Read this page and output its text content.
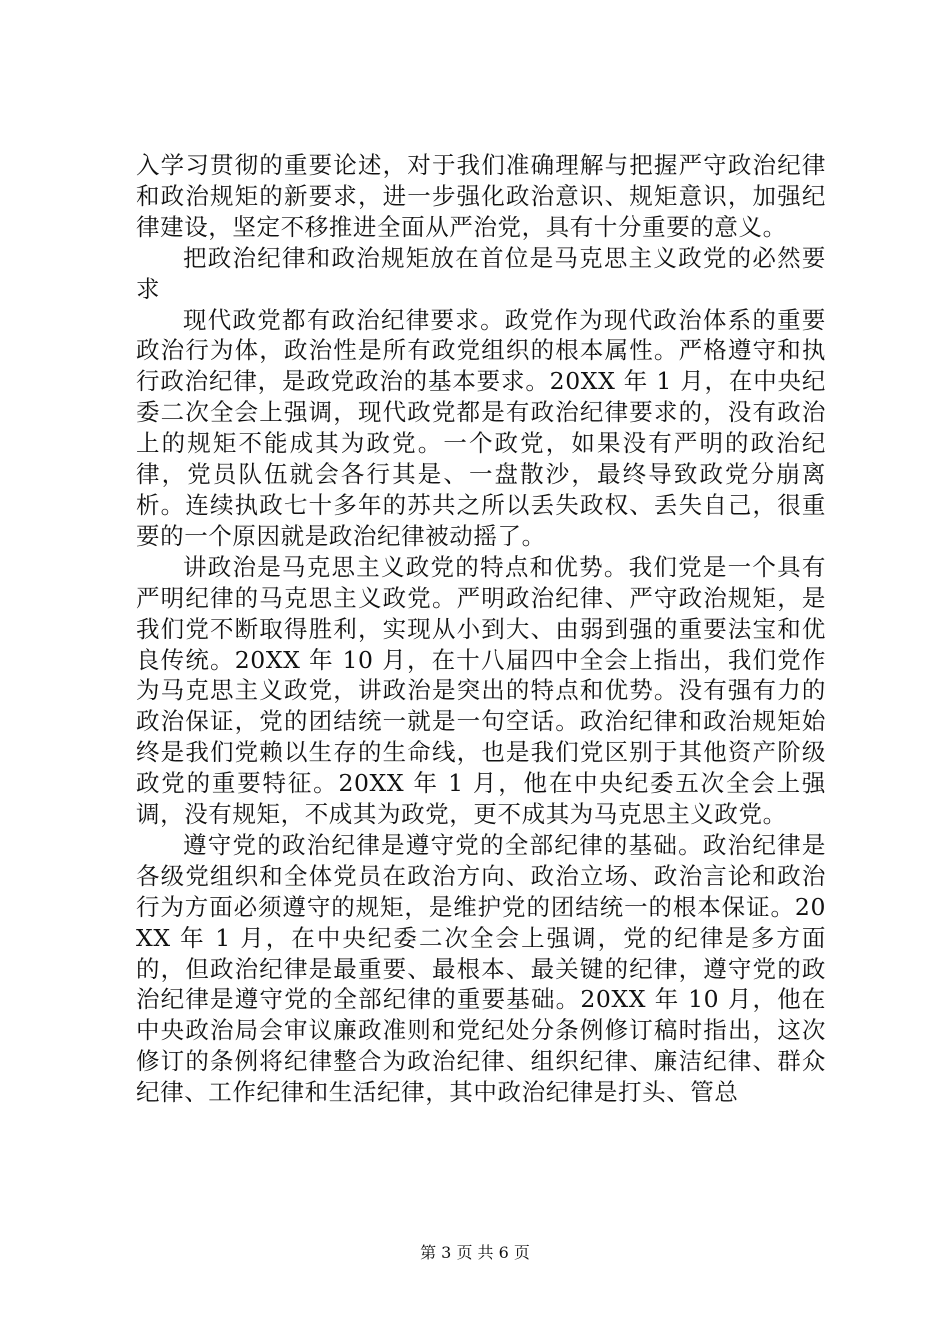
入学习贯彻的重要论述，对于我们准确理解与把握严守政治纪律和政治规矩的新要求，进一步强化政治意识、规矩意识，加强纪律建设，坚定不移推进全面从严治党，具有十分重要的意义。

把政治纪律和政治规矩放在首位是马克思主义政党的必然要求

现代政党都有政治纪律要求。政党作为现代政治体系的重要政治行为体，政治性是所有政党组织的根本属性。严格遵守和执行政治纪律，是政党政治的基本要求。20XX 年 1 月，在中央纪委二次全会上强调，现代政党都是有政治纪律要求的，没有政治上的规矩不能成其为政党。一个政党，如果没有严明的政治纪律，党员队伍就会各行其是、一盘散沙，最终导致政党分崩离析。连续执政七十多年的苏共之所以丢失政权、丢失自己，很重要的一个原因就是政治纪律被动摇了。

讲政治是马克思主义政党的特点和优势。我们党是一个具有严明纪律的马克思主义政党。严明政治纪律、严守政治规矩，是我们党不断取得胜利，实现从小到大、由弱到强的重要法宝和优良传统。20XX 年 10 月，在十八届四中全会上指出，我们党作为马克思主义政党，讲政治是突出的特点和优势。没有强有力的政治保证，党的团结统一就是一句空话。政治纪律和政治规矩始终是我们党赖以生存的生命线，也是我们党区别于其他资产阶级政党的重要特征。20XX 年 1 月，他在中央纪委五次全会上强调，没有规矩，不成其为政党，更不成其为马克思主义政党。

遵守党的政治纪律是遵守党的全部纪律的基础。政治纪律是各级党组织和全体党员在政治方向、政治立场、政治言论和政治行为方面必须遵守的规矩，是维护党的团结统一的根本保证。20XX 年 1 月，在中央纪委二次全会上强调，党的纪律是多方面的，但政治纪律是最重要、最根本、最关键的纪律，遵守党的政治纪律是遵守党的全部纪律的重要基础。20XX 年 10 月，他在中央政治局会审议廉政准则和党纪处分条例修订稿时指出，这次修订的条例将纪律整合为政治纪律、组织纪律、廉洁纪律、群众纪律、工作纪律和生活纪律，其中政治纪律是打头、管总

第 3 页 共 6 页
